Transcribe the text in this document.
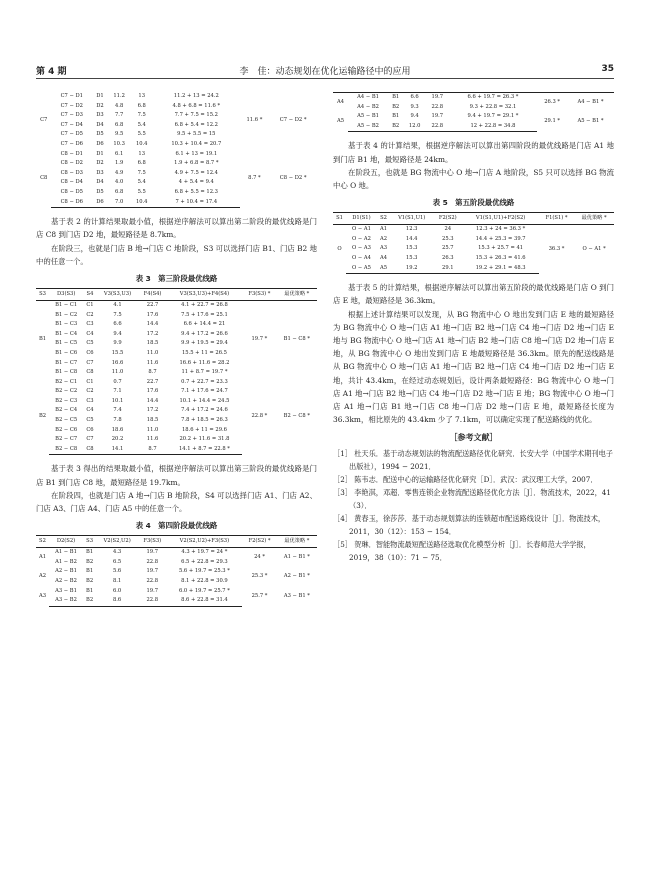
第 4 期	李　佳：动态规划在优化运输路径中的应用	35
C7	C7 − D1	D1	11.2	13	11.2 + 13 = 24.2	11.6 *	C7 − D2 *
	C7 − D2	D2	4.8	6.8	4.8 + 6.8 = 11.6 *		
	C7 − D3	D3	7.7	7.5	7.7 + 7.5 = 15.2		
	C7 − D4	D4	6.8	5.4	6.8 + 5.4 = 12.2		
	C7 − D5	D5	9.5	5.5	9.5 + 5.5 = 15		
	C7 − D6	D6	10.3	10.4	10.3 + 10.4 = 20.7		
C8	C8 − D1	D1	6.1	13	6.1 + 13 = 19.1	8.7 *	C8 − D2 *
	C8 − D2	D2	1.9	6.8	1.9 + 6.8 = 8.7 *		
	C8 − D3	D3	4.9	7.5	4.9 + 7.5 = 12.4		
	C8 − D4	D4	4.0	5.4	4 + 5.4 = 9.4		
	C8 − D5	D5	6.8	5.5	6.8 + 5.5 = 12.3		
	C8 − D6	D6	7.0	10.4	7 + 10.4 = 17.4		

基于表 2 的计算结果取最小值，根据逆序解法可以算出第二阶段的最优线路是门店 C8 到门店 D2 地，最短路径是 8.7km。

在阶段三，也就是门店 B 地→门店 C 地阶段，S3 可以选择门店 B1、门店 B2 地中的任意一个。

表 3　第三阶段最优线路
S3	D3(S3)	S4	V3(S3,U3)	F4(S4)	V3(S3,U3)+F4(S4)	F3(S3) *	最优策略 *
B1	B1 − C1	C1	4.1	22.7	4.1 + 22.7 = 26.8	19.7 *	B1 − C8 *
	B1 − C2	C2	7.5	17.6	7.5 + 17.6 = 25.1		
	B1 − C3	C3	6.6	14.4	6.6 + 14.4 = 21		
	B1 − C4	C4	9.4	17.2	9.4 + 17.2 = 26.6		
	B1 − C5	C5	9.9	18.5	9.9 + 19.5 = 29.4		
	B1 − C6	C6	15.5	11.0	15.5 + 11 = 26.5		
	B1 − C7	C7	16.6	11.6	16.6 + 11.6 = 28.2		
	B1 − C8	C8	11.0	8.7	11 + 8.7 = 19.7 *		
B2	B2 − C1	C1	0.7	22.7	0.7 + 22.7 = 23.3	22.8 *	B2 − C8 *
	B2 − C2	C2	7.1	17.6	7.1 + 17.6 = 24.7		
	B2 − C3	C3	10.1	14.4	10.1 + 14.4 = 24.5		
	B2 − C4	C4	7.4	17.2	7.4 + 17.2 = 24.6		
	B2 − C5	C5	7.8	18.5	7.8 + 18.5 = 26.3		
	B2 − C6	C6	18.6	11.0	18.6 + 11 = 29.6		
	B2 − C7	C7	20.2	11.6	20.2 + 11.6 = 31.8		
	B2 − C8	C8	14.1	8.7	14.1 + 8.7 = 22.8 *		

基于表 3 得出的结果取最小值，根据逆序解法可以算出第三阶段的最优线路是门店 B1 到门店 C8 地，最短路径是 19.7km。

在阶段四，也就是门店 A 地→门店 B 地阶段，S4 可以选择门店 A1、门店 A2、门店 A3、门店 A4、门店 A5 中的任意一个。

表 4　第四阶段最优线路
S2	D2(S2)	S3	V2(S2,U2)	F3(S3)	V2(S2,U2)+F3(S3)	F2(S2) *	最优策略 *
A1	A1 − B1	B1	4.3	19.7	4.3 + 19.7 = 24 *	24 *	A1 − B1 *
	A1 − B2	B2	6.5	22.8	6.5 + 22.8 = 29.3		
A2	A2 − B1	B1	5.6	19.7	5.6 + 19.7 = 25.3 *	25.3 *	A2 − B1 *
	A2 − B2	B2	8.1	22.8	8.1 + 22.8 = 30.9		
A3	A3 − B1	B1	6.0	19.7	6.0 + 19.7 = 25.7 *	25.7 *	A3 − B1 *
	A3 − B2	B2	8.6	22.8	8.6 + 22.8 = 31.4		
A4	A4 − B1	B1	6.6	19.7	6.6 + 19.7 = 26.3 *	26.3 *	A4 − B1 *
	A4 − B2	B2	9.3	22.8	9.3 + 22.8 = 32.1		
A5	A5 − B1	B1	9.4	19.7	9.4 + 19.7 = 29.1 *	29.1 *	A5 − B1 *
	A5 − B2	B2	12.0	22.8	12 + 22.8 = 34.8		

基于表 4 的计算结果，根据逆序解法可以算出第四阶段的最优线路是门店 A1 地到门店 B1 地，最短路径是 24km。

在阶段五，也就是 BG 物流中心 O 地→门店 A 地阶段，S5 只可以选择 BG 物流中心 O 地。

表 5　第五阶段最优线路
S1	D1(S1)	S2	V1(S1,U1)	F2(S2)	V1(S1,U1)+F2(S2)	F1(S1) *	最优策略 *
O	O − A1	A1	12.3	24	12.3 + 24 = 36.3 *	36.3 *	O − A1 *
	O − A2	A2	14.4	25.3	14.4 + 25.3 = 39.7		
	O − A3	A3	15.3	25.7	15.3 + 25.7 = 41		
	O − A4	A4	15.3	26.3	15.3 + 26.3 = 41.6		
	O − A5	A5	19.2	29.1	19.2 + 29.1 = 48.3		

基于表 5 的计算结果，根据逆序解法可以算出第五阶段的最优线路是门店 O 到门店 E 地，最短路径是 36.3km。

根据上述计算结果可以发现，从 BG 物流中心 O 地出发到门店 E 地的最短路径为 BG 物流中心 O 地→门店 A1 地→门店 B2 地→门店 C4 地→门店 D2 地→门店 E 地与 BG 物流中心 O 地→门店 A1 地→门店 B2 地→门店 C8 地→门店 D2 地→门店 E 地，从 BG 物流中心 O 地出发到门店 E 地最短路径是 36.3km。原先的配送线路是从 BG 物流中心 O 地→门店 A1 地→门店 B2 地→门店 C4 地→门店 D2 地→门店 E 地，共计 43.4km，在经过动态规划后，设计两条最短路径：BG 物流中心 O 地→门店 A1 地→门店 B2 地→门店 C4 地→门店 D2 地→门店 E 地；BG 物流中心 O 地→门店 A1 地→门店 B1 地→门店 C8 地→门店 D2 地→门店 E 地，最短路径长度为 36.3km，相比原先的 43.4km 少了 7.1km，可以确定实现了配送路线的优化。

［参考文献］

［1］ 杜天乐．基于动态规划法的物流配送路径优化研究．长安大学（中国学术期刊电子出版社），1994 − 2021．

［2］ 陈韦志．配送中心的运输路径优化研究［D］．武汉：武汉理工大学，2007．

［3］ 李艳淇，邓超．零售连锁企业物流配送路径优化方法［J］．物流技术，2022，41（3）．

［4］ 黄春玉，徐莎莎．基于动态规划算法的连锁超市配送路线设计［J］．物流技术，2011，30（12）：153 − 154．

［5］ 贺琳．智能物流最短配送路径选取优化模型分析［J］．长春师范大学学报，2019，38（10）：71 − 75．
